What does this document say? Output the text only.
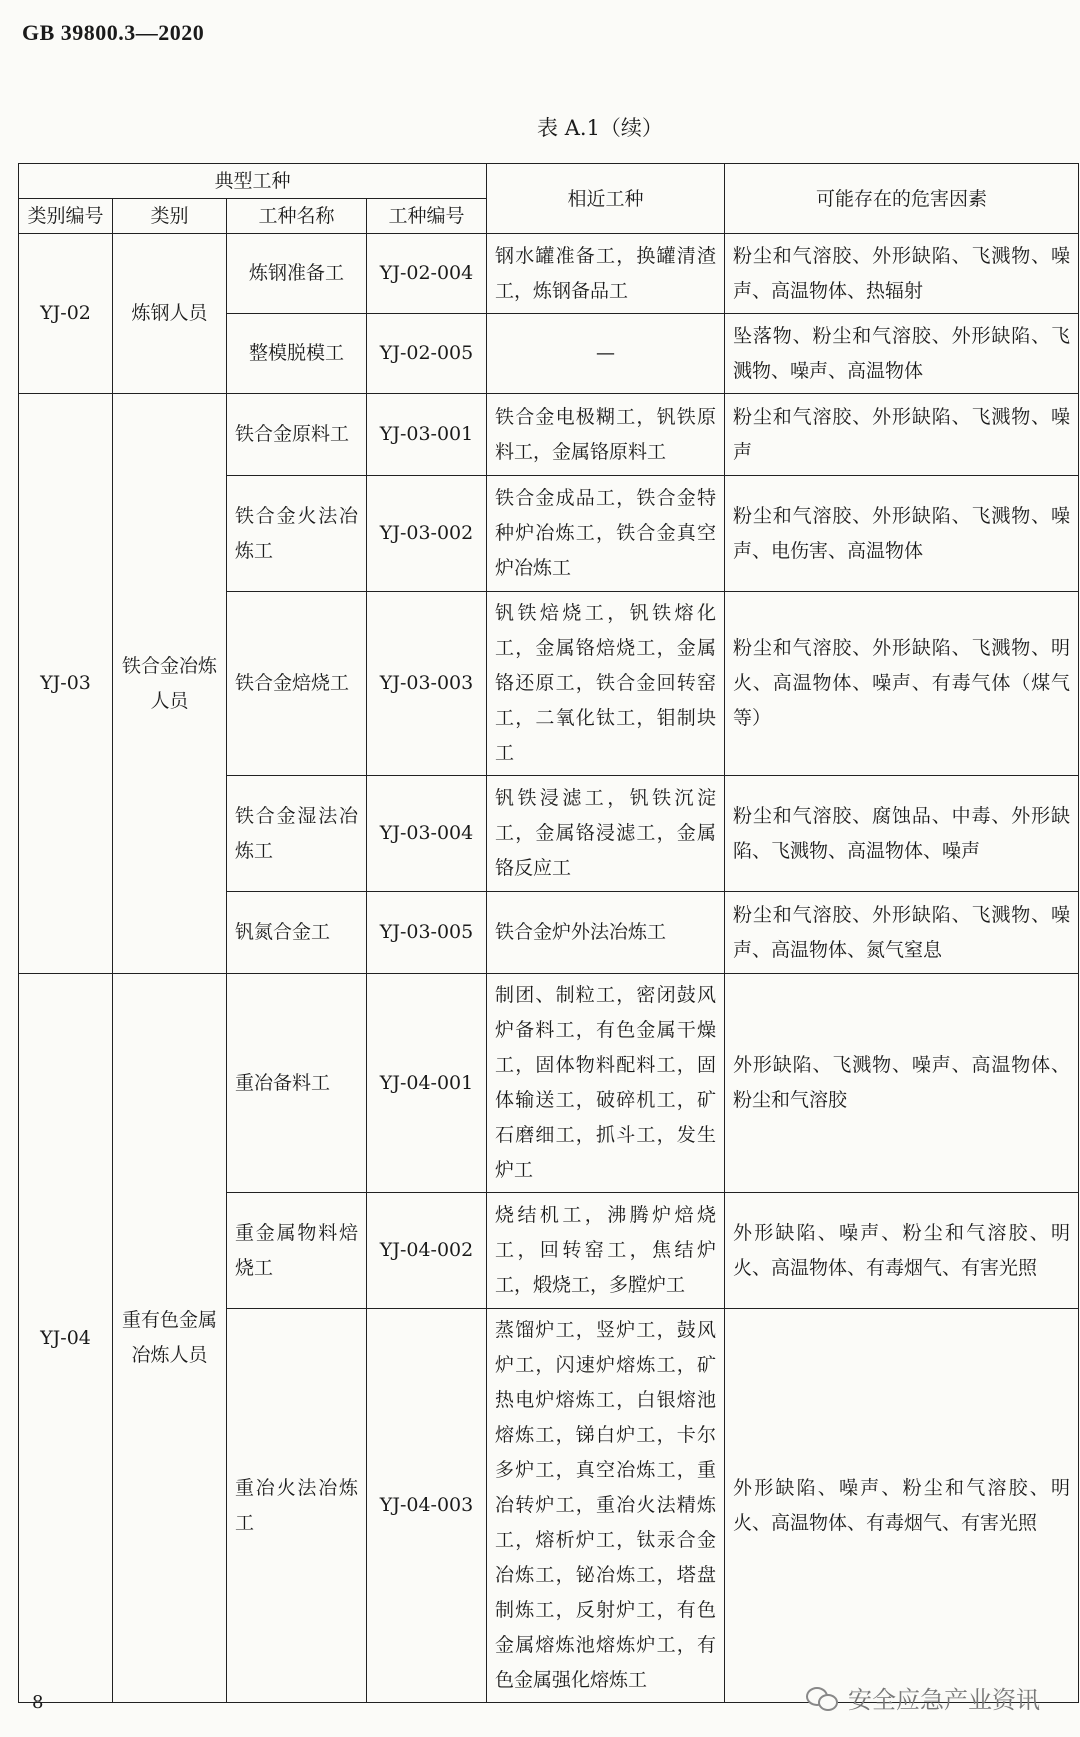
GB 39800.3—2020
表 A.1（续）
典型工种				相近工种	可能存在的危害因素
类别编号	类别	工种名称	工种编号		
YJ-02	炼钢人员	炼钢准备工	YJ-02-004	钢水罐准备工，换罐清渣工，炼钢备品工	粉尘和气溶胶、外形缺陷、飞溅物、噪声、高温物体、热辐射
		整模脱模工	YJ-02-005	—	坠落物、粉尘和气溶胶、外形缺陷、飞溅物、噪声、高温物体
YJ-03	铁合金冶炼人员	铁合金原料工	YJ-03-001	铁合金电极糊工，钒铁原料工，金属铬原料工	粉尘和气溶胶、外形缺陷、飞溅物、噪声
		铁合金火法冶炼工	YJ-03-002	铁合金成品工，铁合金特种炉冶炼工，铁合金真空炉冶炼工	粉尘和气溶胶、外形缺陷、飞溅物、噪声、电伤害、高温物体
		铁合金焙烧工	YJ-03-003	钒铁焙烧工，钒铁熔化工，金属铬焙烧工，金属铬还原工，铁合金回转窑工，二氧化钛工，钼制块工	粉尘和气溶胶、外形缺陷、飞溅物、明火、高温物体、噪声、有毒气体（煤气等）
		铁合金湿法冶炼工	YJ-03-004	钒铁浸滤工，钒铁沉淀工，金属铬浸滤工，金属铬反应工	粉尘和气溶胶、腐蚀品、中毒、外形缺陷、飞溅物、高温物体、噪声
		钒氮合金工	YJ-03-005	铁合金炉外法冶炼工	粉尘和气溶胶、外形缺陷、飞溅物、噪声、高温物体、氮气窒息
YJ-04	重有色金属冶炼人员	重冶备料工	YJ-04-001	制团、制粒工，密闭鼓风炉备料工，有色金属干燥工，固体物料配料工，固体输送工，破碎机工，矿石磨细工，抓斗工，发生炉工	外形缺陷、飞溅物、噪声、高温物体、粉尘和气溶胶
		重金属物料焙烧工	YJ-04-002	烧结机工，沸腾炉焙烧工，回转窑工，焦结炉工，煅烧工，多膛炉工	外形缺陷、噪声、粉尘和气溶胶、明火、高温物体、有毒烟气、有害光照
		重冶火法冶炼工	YJ-04-003	蒸馏炉工，竖炉工，鼓风炉工，闪速炉熔炼工，矿热电炉熔炼工，白银熔池熔炼工，锑白炉工，卡尔多炉工，真空冶炼工，重冶转炉工，重冶火法精炼工，熔析炉工，钛汞合金冶炼工，铋冶炼工，塔盘制炼工，反射炉工，有色金属熔炼池熔炼炉工，有色金属强化熔炼工	外形缺陷、噪声、粉尘和气溶胶、明火、高温物体、有毒烟气、有害光照
8	安全应急产业资讯
